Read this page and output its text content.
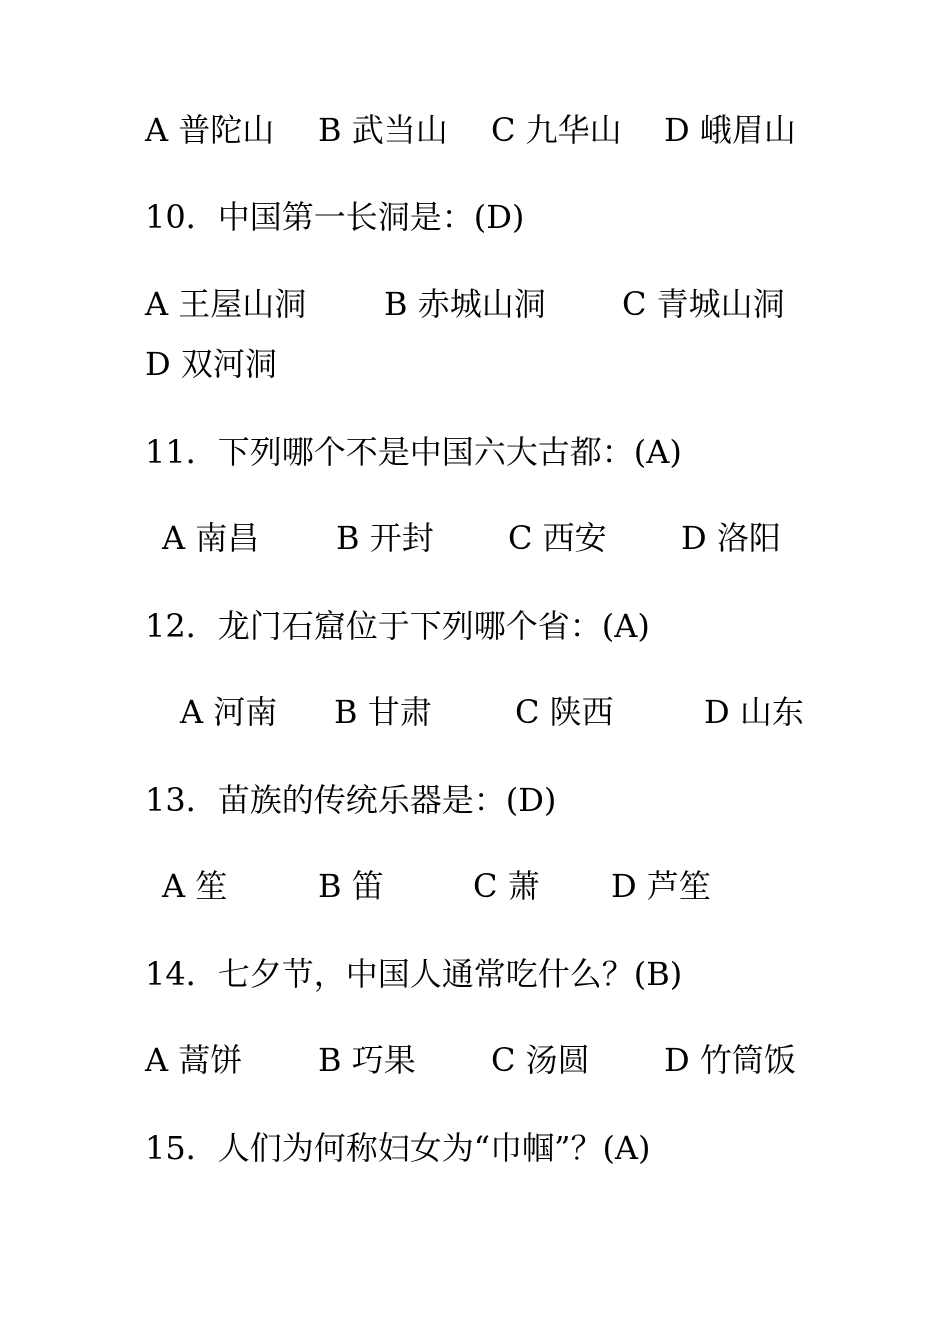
A 普陀山 B 武当山 C 九华山 D 峨眉山
10．中国第一长洞是：(D)
A 王屋山洞 B 赤城山洞 C 青城山洞
D 双河洞
11．下列哪个不是中国六大古都：(A)
A 南昌 B 开封 C 西安 D 洛阳
12．龙门石窟位于下列哪个省：(A)
A 河南 B 甘肃	C 陕西	D 山东
13．苗族的传统乐器是：(D)
A 笙	B 笛	C 萧 D 芦笙
14．七夕节，中国人通常吃什么？(B)
A 蒿饼 B 巧果 C 汤圆 D 竹筒饭
15．人们为何称妇女为“巾帼”？(A)
